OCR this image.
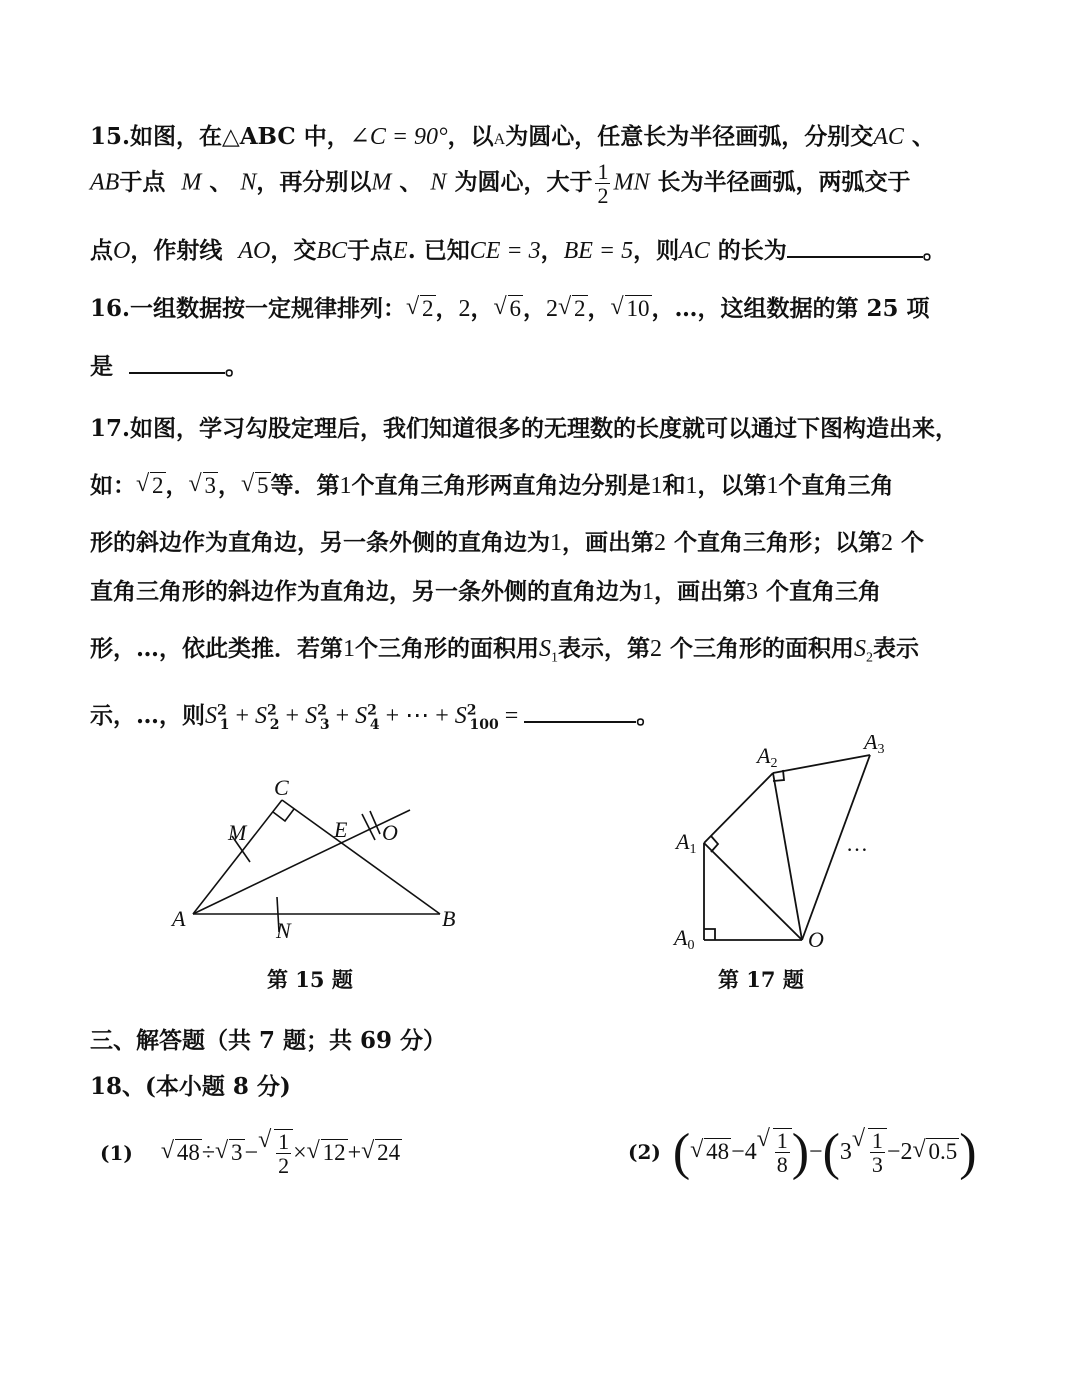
15.如图，在△ABC 中，∠C = 90°，以A为圆心，任意长为半径画弧，分别交AC 、
AB于点 M 、 N，再分别以M 、 N 为圆心，大于 $\frac{1}{2}$ MN 长为半径画弧，两弧交于
点O，作射线 AO，交BC于点E. 已知CE = 3，BE = 5，则AC 的长为	。
16.一组数据按一定规律排列： √ 2，2， √ 6，2 √ 2， √ 10，…，这组数据的第 25 项
是	。
17.如图，学习勾股定理后，我们知道很多的无理数的长度就可以通过下图构造出来，
如： √ 2， √ 3， √ 5等．第1个直角三角形两直角边分别是1和1，以第1个直角三角
形的斜边作为直角边，另一条外侧的直角边为1，画出第2 个直角三角形；以第2 个
直角三角形的斜边作为直角边，另一条外侧的直角边为1，画出第3 个直角三角
形，…，依此类推．若第1个三角形的面积用$S_1$表示，第2 个三角形的面积用$S_2$表示
示，…，则$S^2_1 + S^2_2 + S^2_3 + S^2_4$ + ⋯ + $S^2_{100}$ =	。
A	B
C
M
N
E O
第 15 题
A0
A1
A2
A3
O
…
第 17 题
三、解答题（共 7 题；共 69 分）
18、(本小题 8 分)
(1)	√ 48 ÷ √ 3 − √ $\frac{1}{2}$ × √ 12 + √ 24	(2) ( √ 48 − 4 √ $\frac{1}{8}$ ) − ( 3 √ $\frac{1}{3} - 2$ √ 0.5 )
